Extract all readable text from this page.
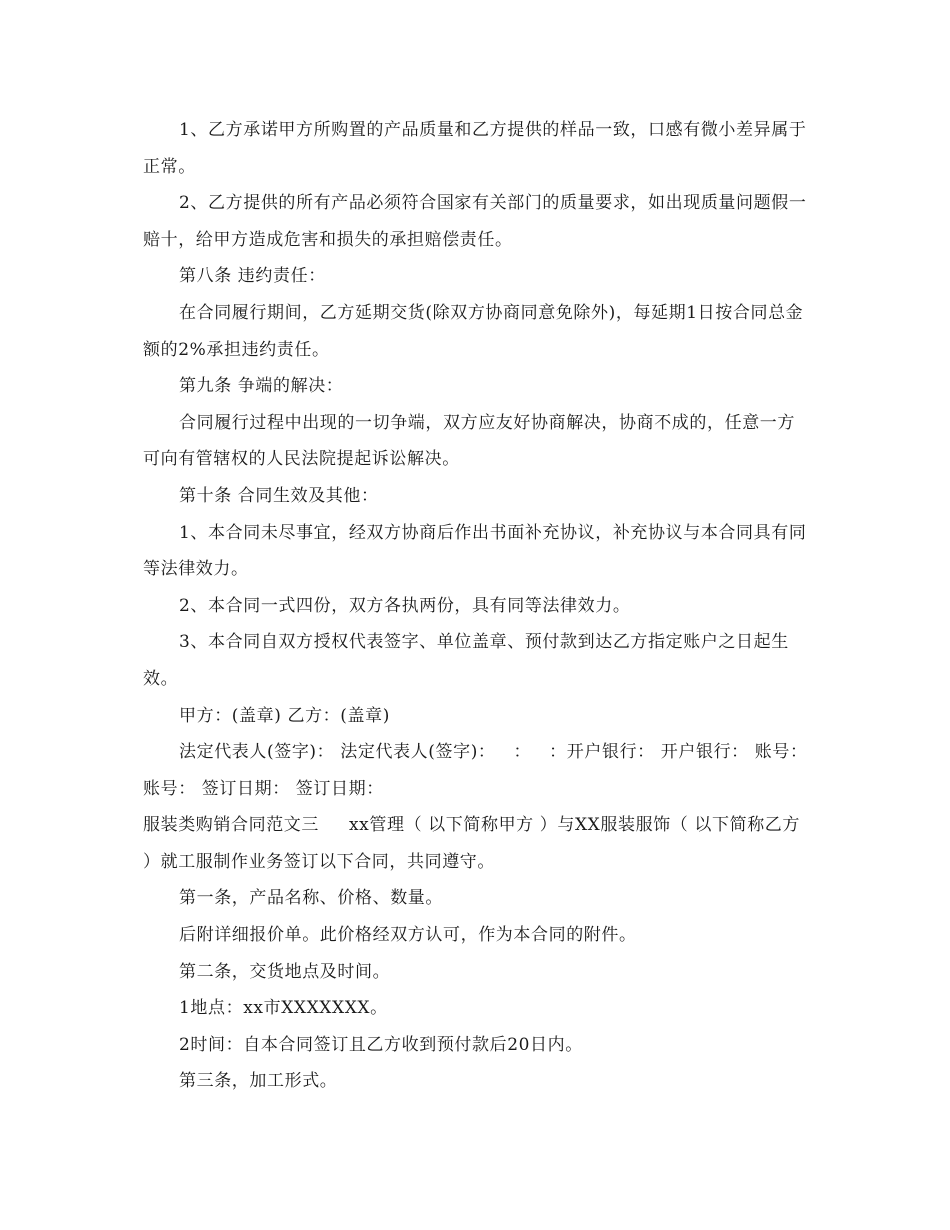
1、乙方承诺甲方所购置的产品质量和乙方提供的样品一致，口感有微小差异属于正常。

2、乙方提供的所有产品必须符合国家有关部门的质量要求，如出现质量问题假一赔十，给甲方造成危害和损失的承担赔偿责任。

第八条 违约责任：

在合同履行期间，乙方延期交货(除双方协商同意免除外)，每延期1日按合同总金额的2%承担违约责任。

第九条 争端的解决：

合同履行过程中出现的一切争端，双方应友好协商解决，协商不成的，任意一方可向有管辖权的人民法院提起诉讼解决。

第十条 合同生效及其他：

1、本合同未尽事宜，经双方协商后作出书面补充协议，补充协议与本合同具有同等法律效力。

2、本合同一式四份，双方各执两份，具有同等法律效力。

3、本合同自双方授权代表签字、单位盖章、预付款到达乙方指定账户之日起生效。

甲方：(盖章) 乙方：(盖章)

法定代表人(签字)： 法定代表人(签字)： ： ：开户银行： 开户银行： 账号： 账号： 签订日期： 签订日期：

服装类购销合同范文三 xx管理（ 以下简称甲方 ）与XX服装服饰（ 以下简称乙方 ）就工服制作业务签订以下合同，共同遵守。

第一条，产品名称、价格、数量。

后附详细报价单。此价格经双方认可，作为本合同的附件。

第二条，交货地点及时间。

1地点：xx市XXXXXXX。

2时间：自本合同签订且乙方收到预付款后20日内。

第三条，加工形式。
